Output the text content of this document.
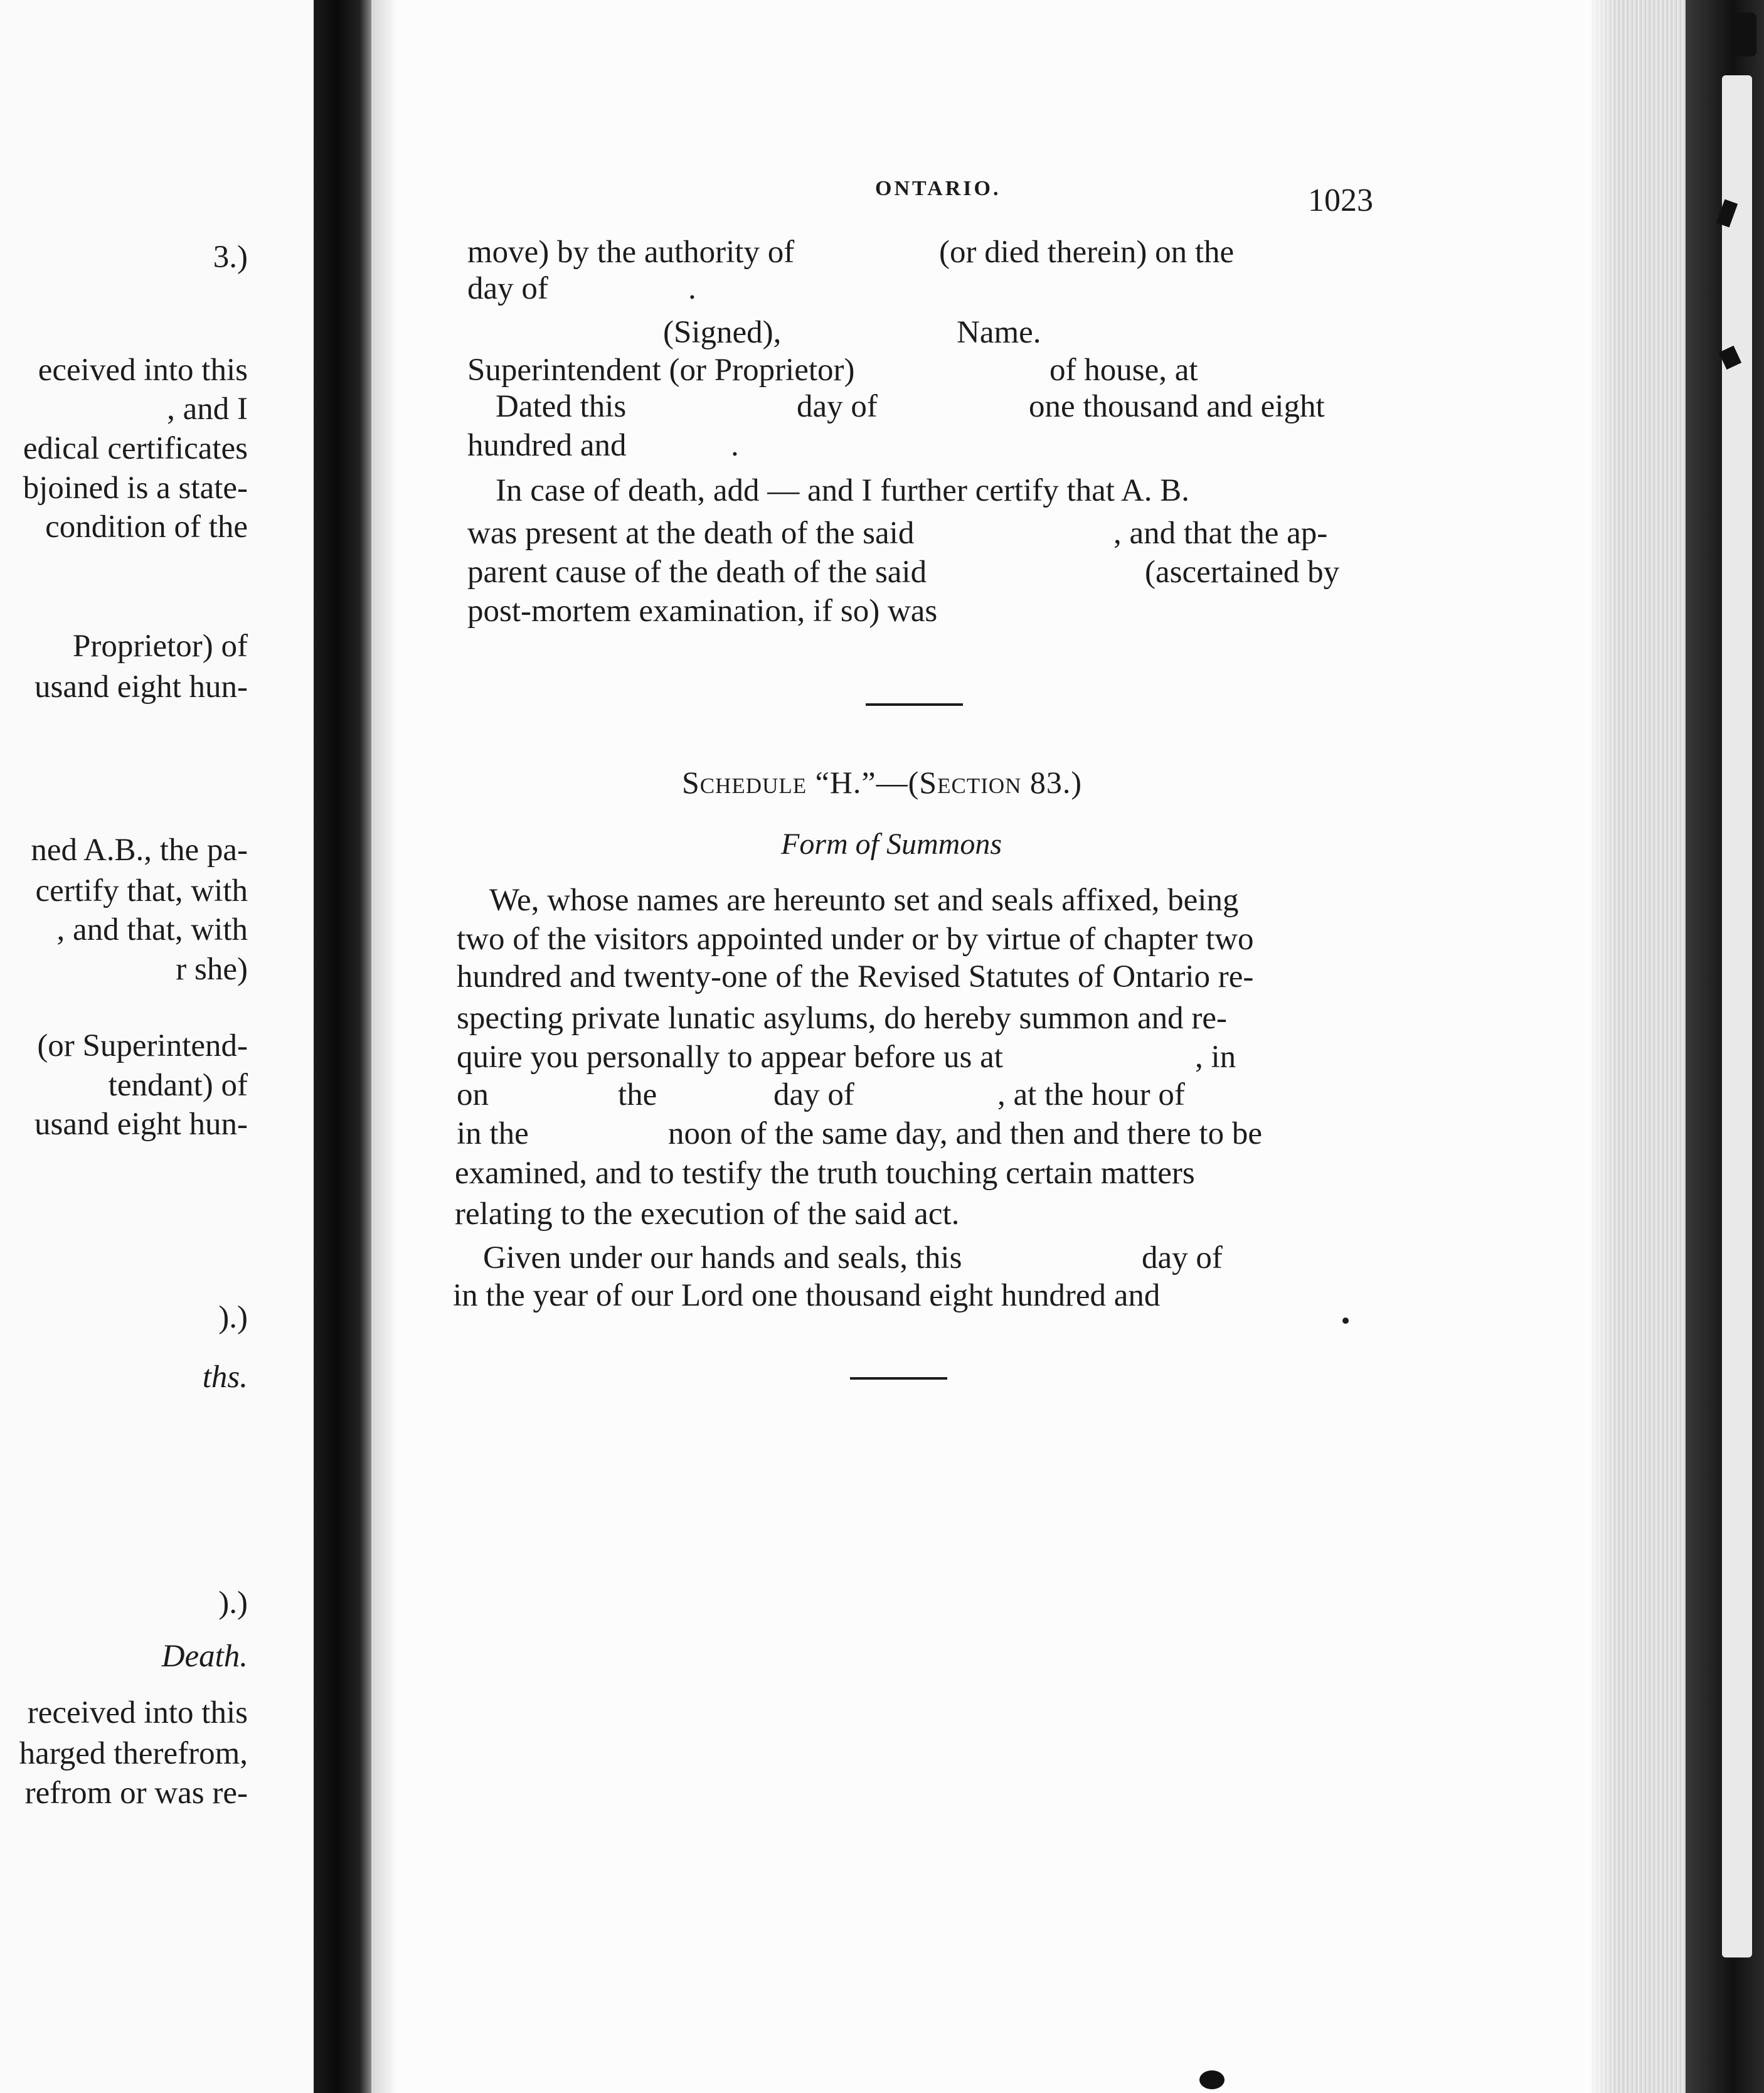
3.)
eceived into this
, and I
edical certificates
bjoined is a state-
condition of the
Proprietor) of
usand eight hun-
ned A.B., the pa-
certify that, with
, and that, with
r she)
(or Superintend-
tendant) of
usand eight hun-
).)
ths.
).)
Death.
received into this
harged therefrom,
refrom or was re-
ONTARIO.	1023
move) by the authority of	(or died therein) on the
day of	.
(Signed),	Name.
Superintendent (or Proprietor)	of house, at
Dated this	day of	one thousand and eight
hundred and	.
In case of death, add — and I further certify that A. B.
was present at the death of the said	, and that the ap-
parent cause of the death of the said	(ascertained by
post-mortem examination, if so) was
Schedule “H.”—(Section 83.)
Form of Summons
We, whose names are hereunto set and seals affixed, being
two of the visitors appointed under or by virtue of chapter two
hundred and twenty-one of the Revised Statutes of Ontario re-
specting private lunatic asylums, do hereby summon and re-
quire you personally to appear before us at	, in
on	the	day of	, at the hour of
in the	noon of the same day, and then and there to be
examined, and to testify the truth touching certain matters
relating to the execution of the said act.
Given under our hands and seals, this	day of
in the year of our Lord one thousand eight hundred and
